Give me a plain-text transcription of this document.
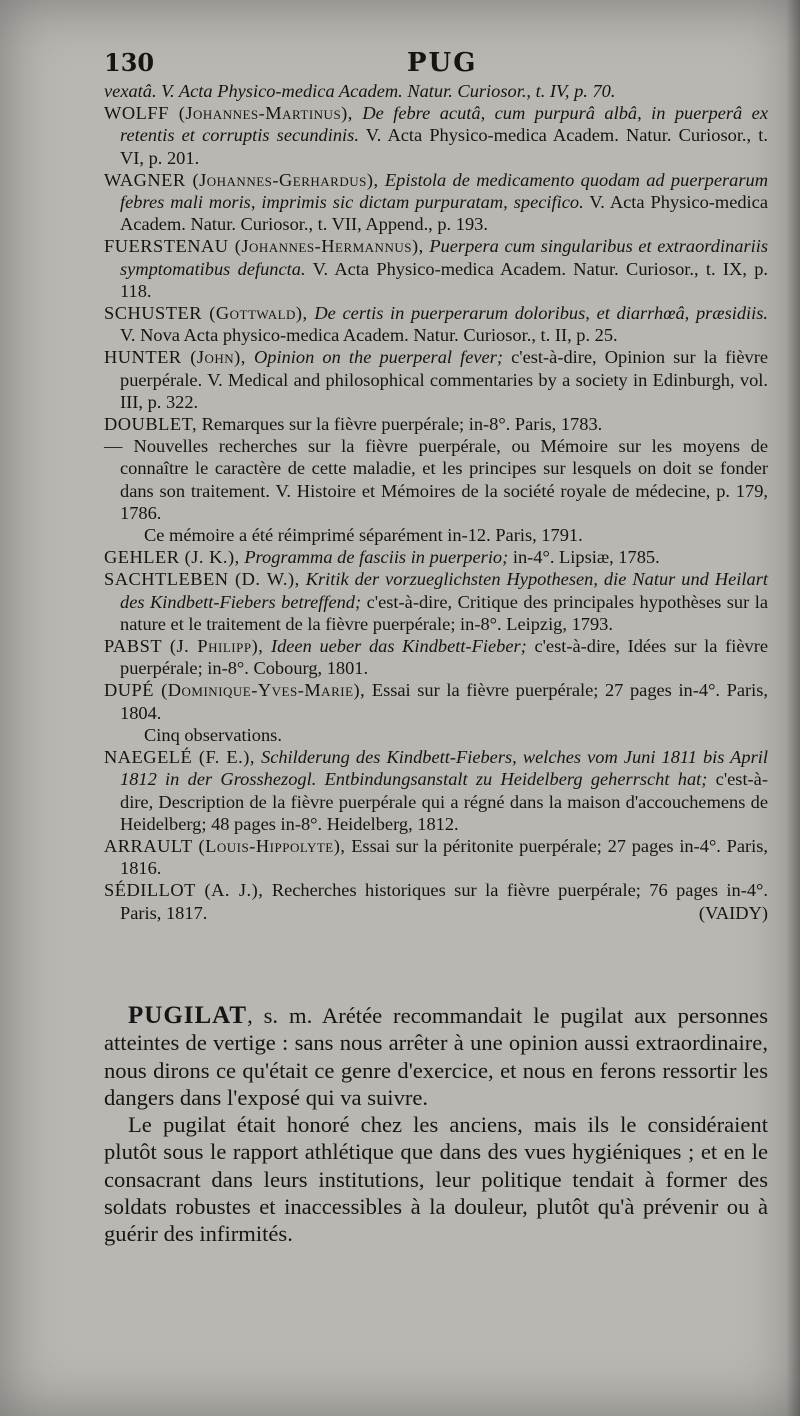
130	PUG

vexatâ. V. Acta Physico-medica Academ. Natur. Curiosor., t. IV, p. 70.

WOLFF (Johannes-Martinus), De febre acutâ, cum purpurâ albâ, in puerperâ ex retentis et corruptis secundinis. V. Acta Physico-medica Academ. Natur. Curiosor., t. VI, p. 201.

WAGNER (Johannes-Gerhardus), Epistola de medicamento quodam ad puerperarum febres mali moris, imprimis sic dictam purpuratam, specifico. V. Acta Physico-medica Academ. Natur. Curiosor., t. VII, Append., p. 193.

FUERSTENAU (Johannes-Hermannus), Puerpera cum singularibus et extraordinariis symptomatibus defuncta. V. Acta Physico-medica Academ. Natur. Curiosor., t. IX, p. 118.

SCHUSTER (Gottwald), De certis in puerperarum doloribus, et diarrhœâ, præsidiis. V. Nova Acta physico-medica Academ. Natur. Curiosor., t. II, p. 25.

HUNTER (John), Opinion on the puerperal fever; c'est-à-dire, Opinion sur la fièvre puerpérale. V. Medical and philosophical commentaries by a society in Edinburgh, vol. III, p. 322.

DOUBLET, Remarques sur la fièvre puerpérale; in-8°. Paris, 1783.

— Nouvelles recherches sur la fièvre puerpérale, ou Mémoire sur les moyens de connaître le caractère de cette maladie, et les principes sur lesquels on doit se fonder dans son traitement. V. Histoire et Mémoires de la société royale de médecine, p. 179, 1786.

Ce mémoire a été réimprimé séparément in-12. Paris, 1791.

GEHLER (J. K.), Programma de fasciis in puerperio; in-4°. Lipsiæ, 1785.

SACHTLEBEN (D. W.), Kritik der vorzueglichsten Hypothesen, die Natur und Heilart des Kindbett-Fiebers betreffend; c'est-à-dire, Critique des principales hypothèses sur la nature et le traitement de la fièvre puerpérale; in-8°. Leipzig, 1793.

PABST (J. Philipp), Ideen ueber das Kindbett-Fieber; c'est-à-dire, Idées sur la fièvre puerpérale; in-8°. Cobourg, 1801.

DUPÉ (Dominique-Yves-Marie), Essai sur la fièvre puerpérale; 27 pages in-4°. Paris, 1804.

Cinq observations.

NAEGELÉ (F. E.), Schilderung des Kindbett-Fiebers, welches vom Juni 1811 bis April 1812 in der Grosshezogl. Entbindungsanstalt zu Heidelberg geherrscht hat; c'est-à-dire, Description de la fièvre puerpérale qui a régné dans la maison d'accouchemens de Heidelberg; 48 pages in-8°. Heidelberg, 1812.

ARRAULT (Louis-Hippolyte), Essai sur la péritonite puerpérale; 27 pages in-4°. Paris, 1816.

SÉDILLOT (A. J.), Recherches historiques sur la fièvre puerpérale; 76 pages in-4°. Paris, 1817.	(VAIDY)

PUGILAT, s. m. Arétée recommandait le pugilat aux personnes atteintes de vertige : sans nous arrêter à une opinion aussi extraordinaire, nous dirons ce qu'était ce genre d'exercice, et nous en ferons ressortir les dangers dans l'exposé qui va suivre.

Le pugilat était honoré chez les anciens, mais ils le considéraient plutôt sous le rapport athlétique que dans des vues hygiéniques ; et en le consacrant dans leurs institutions, leur politique tendait à former des soldats robustes et inaccessibles à la douleur, plutôt qu'à prévenir ou à guérir des infirmités.
